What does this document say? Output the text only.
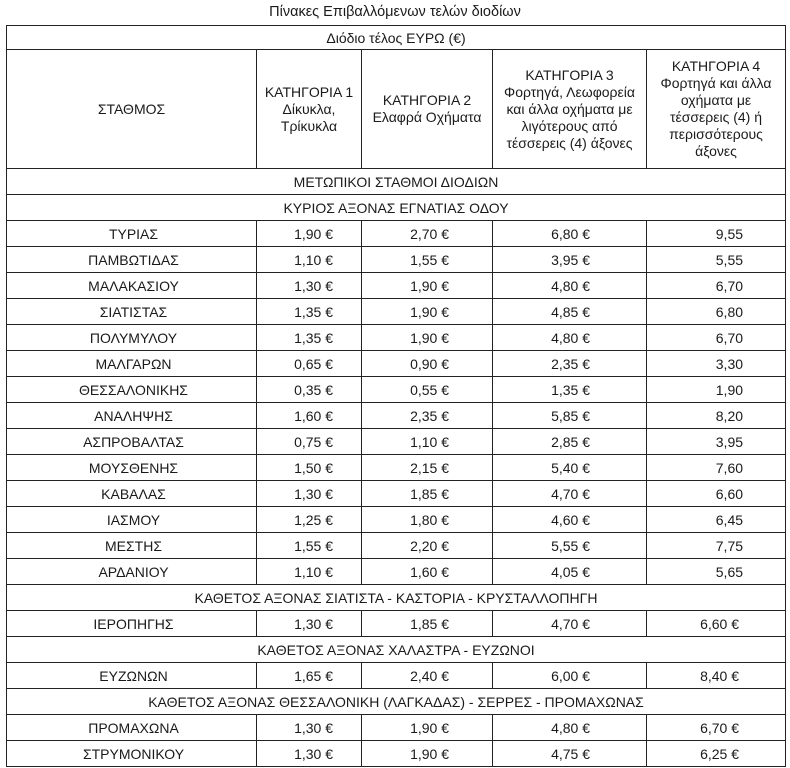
Πίνακες Επιβαλλόμενων τελών διοδίων
Διόδιο τέλος ΕΥΡΩ (€)				
ΣΤΑΘΜΟΣ	ΚΑΤΗΓΟΡΙΑ 1 Δίκυκλα, Τρίκυκλα	ΚΑΤΗΓΟΡΙΑ 2 Ελαφρά Οχήματα	ΚΑΤΗΓΟΡΙΑ 3 Φορτηγά, Λεωφορεία και άλλα οχήματα με λιγότερους από τέσσερεις (4) άξονες	ΚΑΤΗΓΟΡΙΑ 4 Φορτηγά και άλλα οχήματα με τέσσερεις (4) ή περισσότερους άξονες
ΜΕΤΩΠΙΚΟΙ ΣΤΑΘΜΟΙ ΔΙΟΔΙΩΝ				
ΚΥΡΙΟΣ ΑΞΟΝΑΣ ΕΓΝΑΤΙΑΣ ΟΔΟΥ				
ΤΥΡΙΑΣ	1,90 €	2,70 €	6,80 €	9,55
ΠΑΜΒΩΤΙΔΑΣ	1,10 €	1,55 €	3,95 €	5,55
ΜΑΛΑΚΑΣΙΟΥ	1,30 €	1,90 €	4,80 €	6,70
ΣΙΑΤΙΣΤΑΣ	1,35 €	1,90 €	4,85 €	6,80
ΠΟΛΥΜΥΛΟΥ	1,35 €	1,90 €	4,80 €	6,70
ΜΑΛΓΑΡΩΝ	0,65 €	0,90 €	2,35 €	3,30
ΘΕΣΣΑΛΟΝΙΚΗΣ	0,35 €	0,55 €	1,35 €	1,90
ΑΝΑΛΗΨΗΣ	1,60 €	2,35 €	5,85 €	8,20
ΑΣΠΡΟΒΑΛΤΑΣ	0,75 €	1,10 €	2,85 €	3,95
ΜΟΥΣΘΕΝΗΣ	1,50 €	2,15 €	5,40 €	7,60
ΚΑΒΑΛΑΣ	1,30 €	1,85 €	4,70 €	6,60
ΙΑΣΜΟΥ	1,25 €	1,80 €	4,60 €	6,45
ΜΕΣΤΗΣ	1,55 €	2,20 €	5,55 €	7,75
ΑΡΔΑΝΙΟΥ	1,10 €	1,60 €	4,05 €	5,65
ΚΑΘΕΤΟΣ ΑΞΟΝΑΣ ΣΙΑΤΙΣΤΑ - ΚΑΣΤΟΡΙΑ - ΚΡΥΣΤΑΛΛΟΠΗΓΗ				
ΙΕΡΟΠΗΓΗΣ	1,30 €	1,85 €	4,70 €	6,60 €
ΚΑΘΕΤΟΣ ΑΞΟΝΑΣ ΧΑΛΑΣΤΡΑ - ΕΥΖΩΝΟΙ				
ΕΥΖΩΝΩΝ	1,65 €	2,40 €	6,00 €	8,40 €
ΚΑΘΕΤΟΣ ΑΞΟΝΑΣ ΘΕΣΣΑΛΟΝΙΚΗ (ΛΑΓΚΑΔΑΣ) - ΣΕΡΡΕΣ - ΠΡΟΜΑΧΩΝΑΣ				
ΠΡΟΜΑΧΩΝΑ	1,30 €	1,90 €	4,80 €	6,70 €
ΣΤΡΥΜΟΝΙΚΟΥ	1,30 €	1,90 €	4,75 €	6,25 €
